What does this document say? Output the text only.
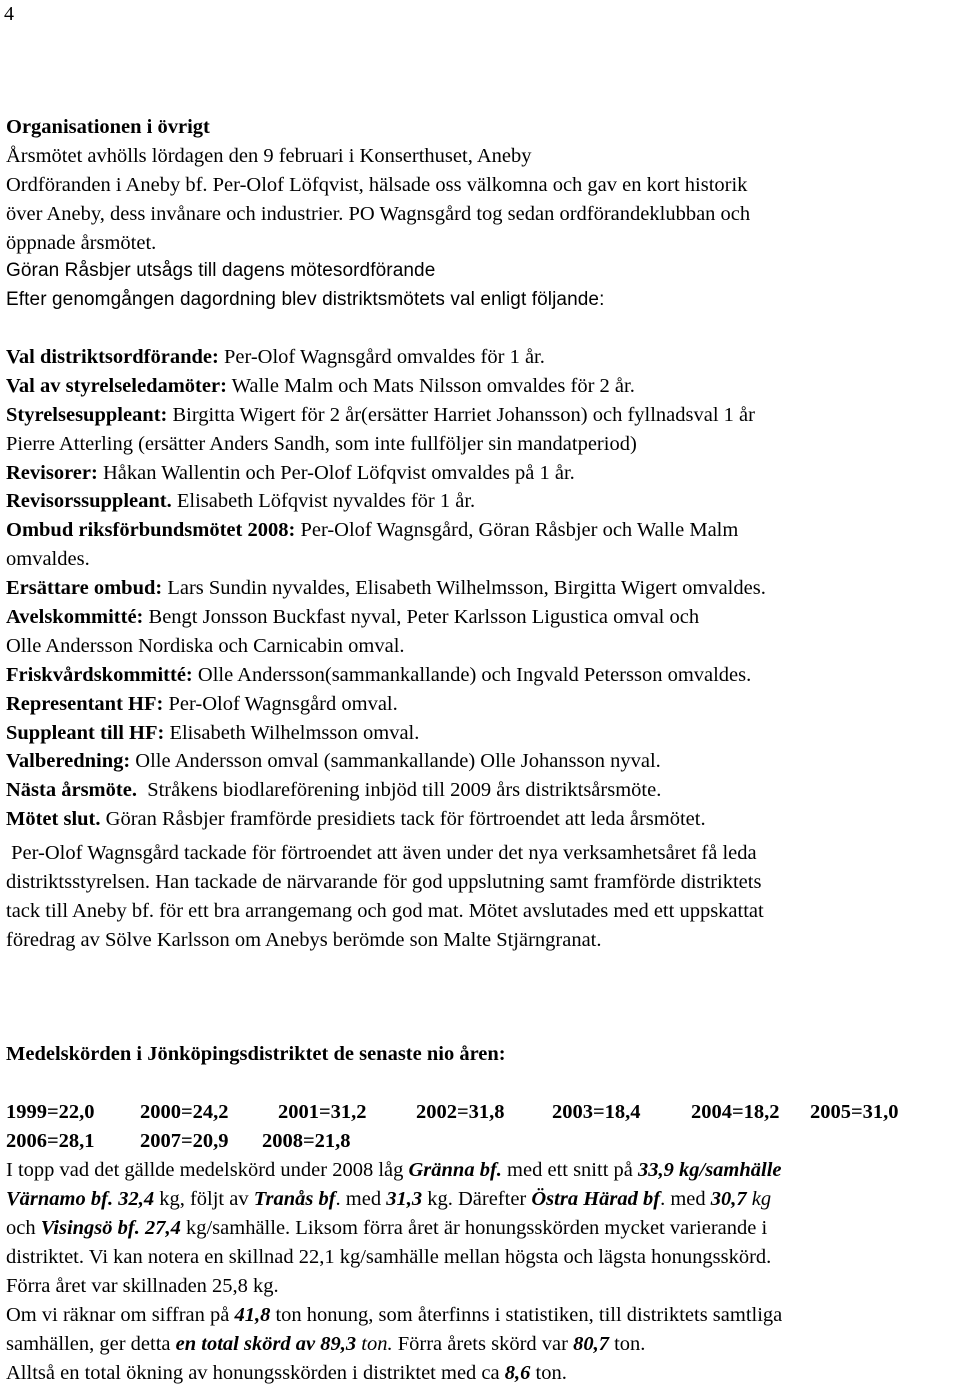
4
Organisationen i övrigt
Årsmötet avhölls lördagen den 9 februari i Konserthuset, Aneby
Ordföranden i Aneby bf. Per-Olof Löfqvist, hälsade oss välkomna och gav en kort historik
över Aneby, dess invånare och industrier. PO Wagnsgård tog sedan ordförandeklubban och
öppnade årsmötet.
Göran Råsbjer utsågs till dagens mötesordförande
Efter genomgången dagordning blev distriktsmötets val enligt följande:
Val distriktsordförande: Per-Olof Wagnsgård omvaldes för 1 år.
Val av styrelseledamöter: Walle Malm och Mats Nilsson omvaldes för 2 år.
Styrelsesuppleant: Birgitta Wigert för 2 år(ersätter Harriet Johansson) och fyllnadsval 1 år
Pierre Atterling (ersätter Anders Sandh, som inte fullföljer sin mandatperiod)
Revisorer: Håkan Wallentin och Per-Olof Löfqvist omvaldes på 1 år.
Revisorssuppleant. Elisabeth Löfqvist nyvaldes för 1 år.
Ombud riksförbundsmötet 2008: Per-Olof Wagnsgård, Göran Råsbjer och Walle Malm
omvaldes.
Ersättare ombud: Lars Sundin nyvaldes, Elisabeth Wilhelmsson, Birgitta Wigert omvaldes.
Avelskommitté: Bengt Jonsson Buckfast nyval, Peter Karlsson Ligustica omval och
Olle Andersson Nordiska och Carnicabin omval.
Friskvårdskommitté: Olle Andersson(sammankallande) och Ingvald Petersson omvaldes.
Representant HF: Per-Olof Wagnsgård omval.
Suppleant till HF: Elisabeth Wilhelmsson omval.
Valberedning: Olle Andersson omval (sammankallande) Olle Johansson nyval.
Nästa årsmöte.  Stråkens biodlareförening inbjöd till 2009 års distriktsårsmöte.
Mötet slut. Göran Råsbjer framförde presidiets tack för förtroendet att leda årsmötet.
Per-Olof Wagnsgård tackade för förtroendet att även under det nya verksamhetsåret få leda
distriktsstyrelsen. Han tackade de närvarande för god uppslutning samt framförde distriktets
tack till Aneby bf. för ett bra arrangemang och god mat. Mötet avslutades med ett uppskattat
föredrag av Sölve Karlsson om Anebys berömde son Malte Stjärngranat.
Medelskörden i Jönköpingsdistriktet de senaste nio åren:
1999=22,0 2000=24,2 2001=31,2 2002=31,8 2003=18,4 2004=18,2 2005=31,0
2006=28,1 2007=20,9 2008=21,8
I topp vad det gällde medelskörd under 2008 låg Gränna bf. med ett snitt på 33,9 kg/samhälle
Värnamo bf. 32,4 kg, följt av Tranås bf. med 31,3 kg. Därefter Östra Härad bf. med 30,7 kg
och Visingsö bf. 27,4 kg/samhälle. Liksom förra året är honungsskörden mycket varierande i
distriktet. Vi kan notera en skillnad 22,1 kg/samhälle mellan högsta och lägsta honungsskörd.
Förra året var skillnaden 25,8 kg.
Om vi räknar om siffran på 41,8 ton honung, som återfinns i statistiken, till distriktets samtliga
samhällen, ger detta en total skörd av 89,3 ton. Förra årets skörd var 80,7 ton.
Alltså en total ökning av honungsskörden i distriktet med ca 8,6 ton.
